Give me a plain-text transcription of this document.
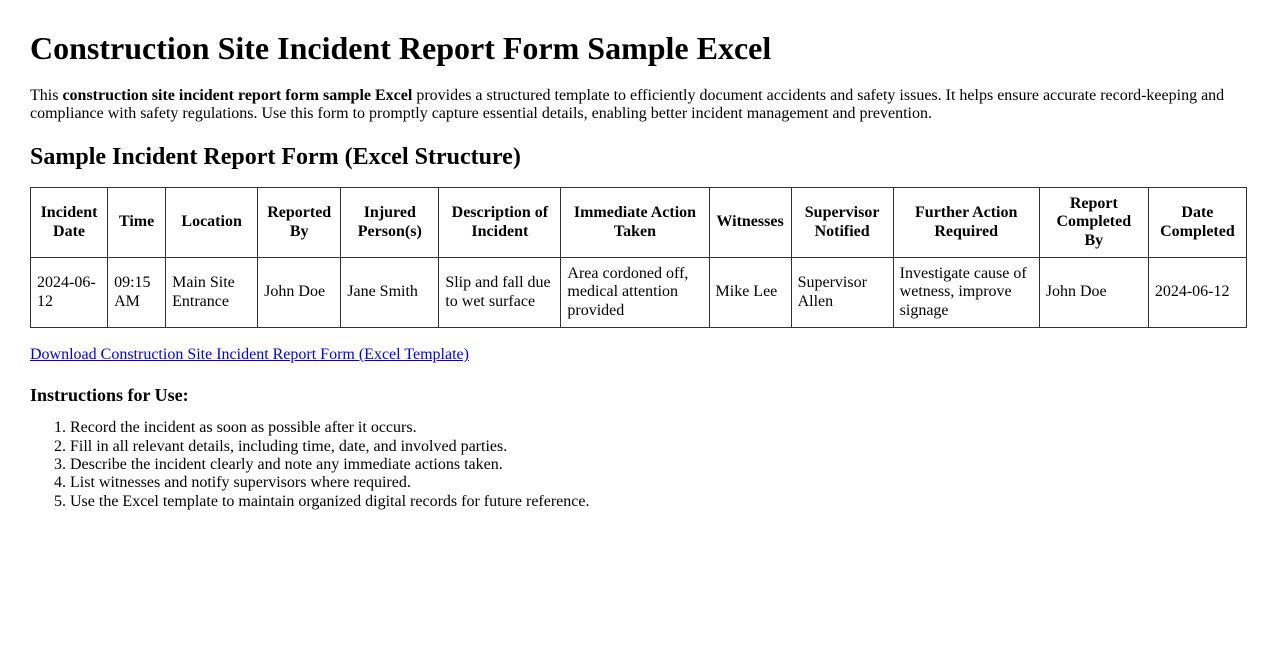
Construction Site Incident Report Form Sample Excel

This construction site incident report form sample Excel provides a structured template to efficiently document accidents and safety issues. It helps ensure accurate record-keeping and compliance with safety regulations. Use this form to promptly capture essential details, enabling better incident management and prevention.

Sample Incident Report Form (Excel Structure)
Incident Date	Time	Location	Reported By	Injured Person(s)	Description of Incident	Immediate Action Taken	Witnesses	Supervisor Notified	Further Action Required	Report Completed By	Date Completed
2024-06-12	09:15 AM	Main Site Entrance	John Doe	Jane Smith	Slip and fall due to wet surface	Area cordoned off, medical attention provided	Mike Lee	Supervisor Allen	Investigate cause of wetness, improve signage	John Doe	2024-06-12

Download Construction Site Incident Report Form (Excel Template)

Instructions for Use:
1. Record the incident as soon as possible after it occurs.
2. Fill in all relevant details, including time, date, and involved parties.
3. Describe the incident clearly and note any immediate actions taken.
4. List witnesses and notify supervisors where required.
5. Use the Excel template to maintain organized digital records for future reference.
